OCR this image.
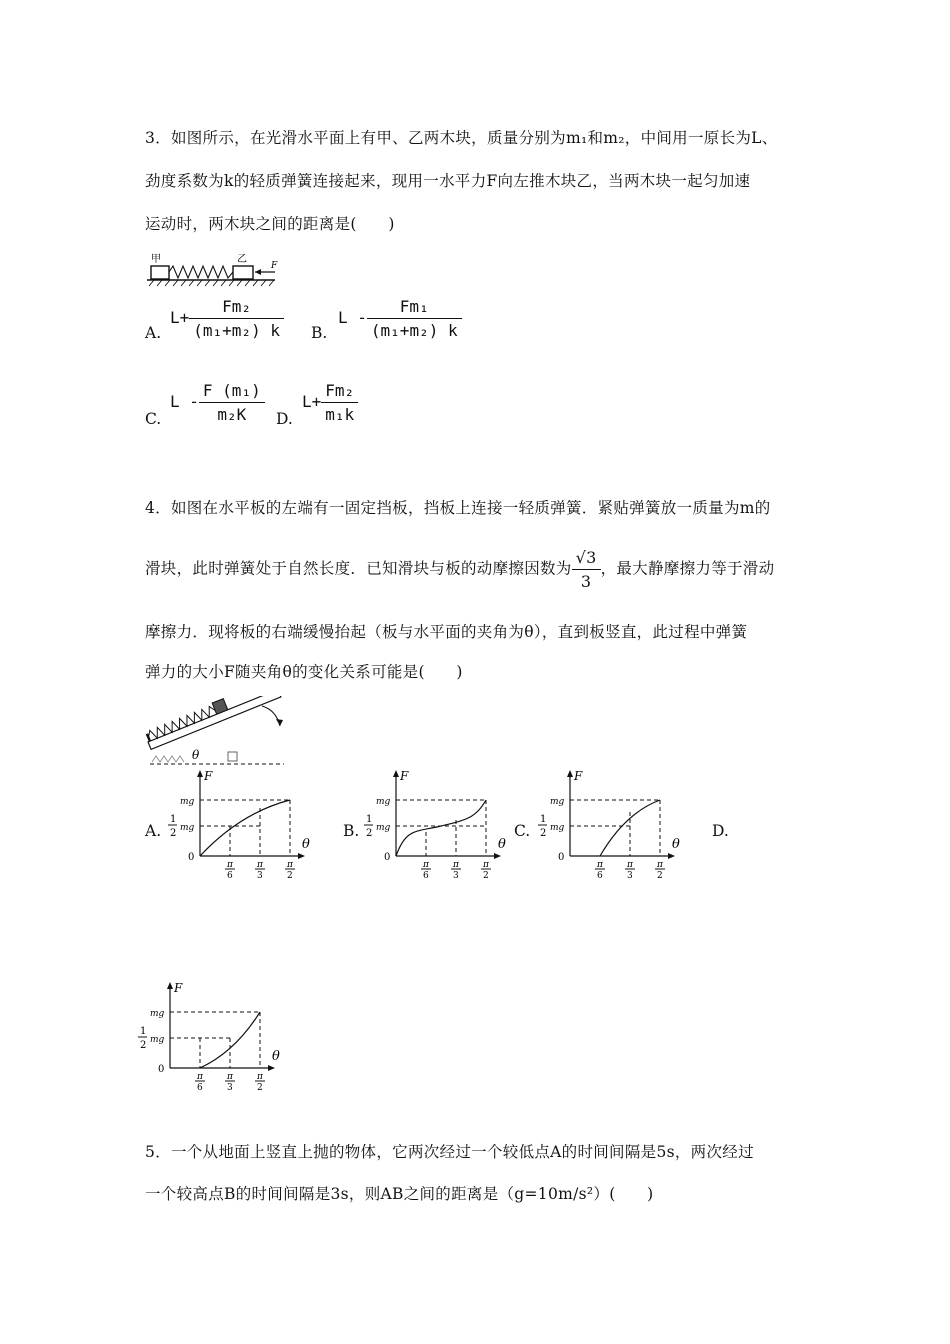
3．如图所示，在光滑水平面上有甲、乙两木块，质量分别为m₁和m₂，中间用一原长为L、
劲度系数为k的轻质弹簧连接起来，现用一水平力F向左推木块乙，当两木块一起匀加速
运动时，两木块之间的距离是(　　)
甲	乙
F
A.
$L+ \frac{\text{Fm₂}}{\text{(m₁+m₂) k}} B$.
L - $\frac{\text{Fm₁}}{\text{(m₁+m₂) k}}$
C.
L - $\frac{\text{F (m₁)}}{\text{m₂K}} D$.
$L+ \frac{\text{Fm₂}}{\text{m₁k}}$
4．如图在水平板的左端有一固定挡板，挡板上连接一轻质弹簧．紧贴弹簧放一质量为m的
滑块，此时弹簧处于自然长度．已知滑块与板的动摩擦因数为 $\frac{√3}{3}$ ，最大静摩擦力等于滑动
摩擦力．现将板的右端缓慢抬起（板与水平面的夹角为θ），直到板竖直，此过程中弹簧
弹力的大小F随夹角θ的变化关系可能是(　　)
θ
A.	B.	C.	D.
F
θ
0
mg
1
2 mg
π
6
π
3
π
2
F
θ
0
mg
1
2 mg
π
6
π
3
π
2
F
θ
0
mg
1
2 mg
π
6
π
3
π
2
F
θ
0
mg
1
2 mg
π
6
π
3
π
2
5．一个从地面上竖直上抛的物体，它两次经过一个较低点A的时间间隔是5s，两次经过
一个较高点B的时间间隔是3s，则AB之间的距离是（g=10m/s²）(　　)
